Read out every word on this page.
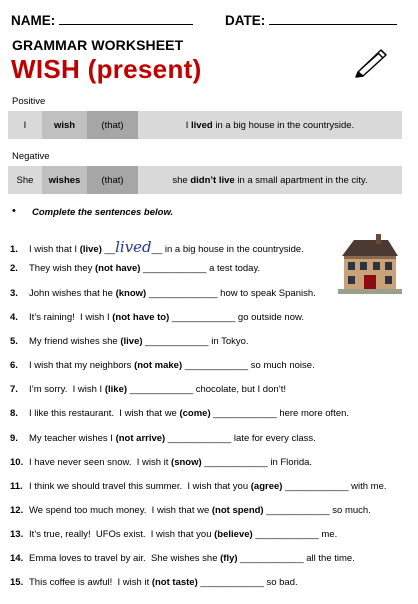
NAME:	DATE:
GRAMMAR WORKSHEET
WISH (present)
Positive
I	wish	(that)	I lived in a big house in the countryside.
Negative
She	wishes	(that)	she didn’t live in a small apartment in the city.
• Complete the sentences below.
1. I wish that I (live) __lived__ in a big house in the countryside.
2. They wish they (not have) ____________ a test today.
3. John wishes that he (know) _____________ how to speak Spanish.
4. It’s raining!  I wish I (not have to) ____________ go outside now.
5. My friend wishes she (live) ____________ in Tokyo.
6. I wish that my neighbors (not make) ____________ so much noise.
7. I’m sorry.  I wish I (like) ____________ chocolate, but I don’t!
8. I like this restaurant.  I wish that we (come) ____________ here more often.
9. My teacher wishes I (not arrive) ____________ late for every class.
10. I have never seen snow.  I wish it (snow) ____________ in Florida.
11. I think we should travel this summer.  I wish that you (agree) ____________ with me.
12. We spend too much money.  I wish that we (not spend) ____________ so much.
13. It’s true, really!  UFOs exist.  I wish that you (believe) ____________ me.
14. Emma loves to travel by air.  She wishes she (fly) ____________ all the time.
15. This coffee is awful!  I wish it (not taste) ____________ so bad.
